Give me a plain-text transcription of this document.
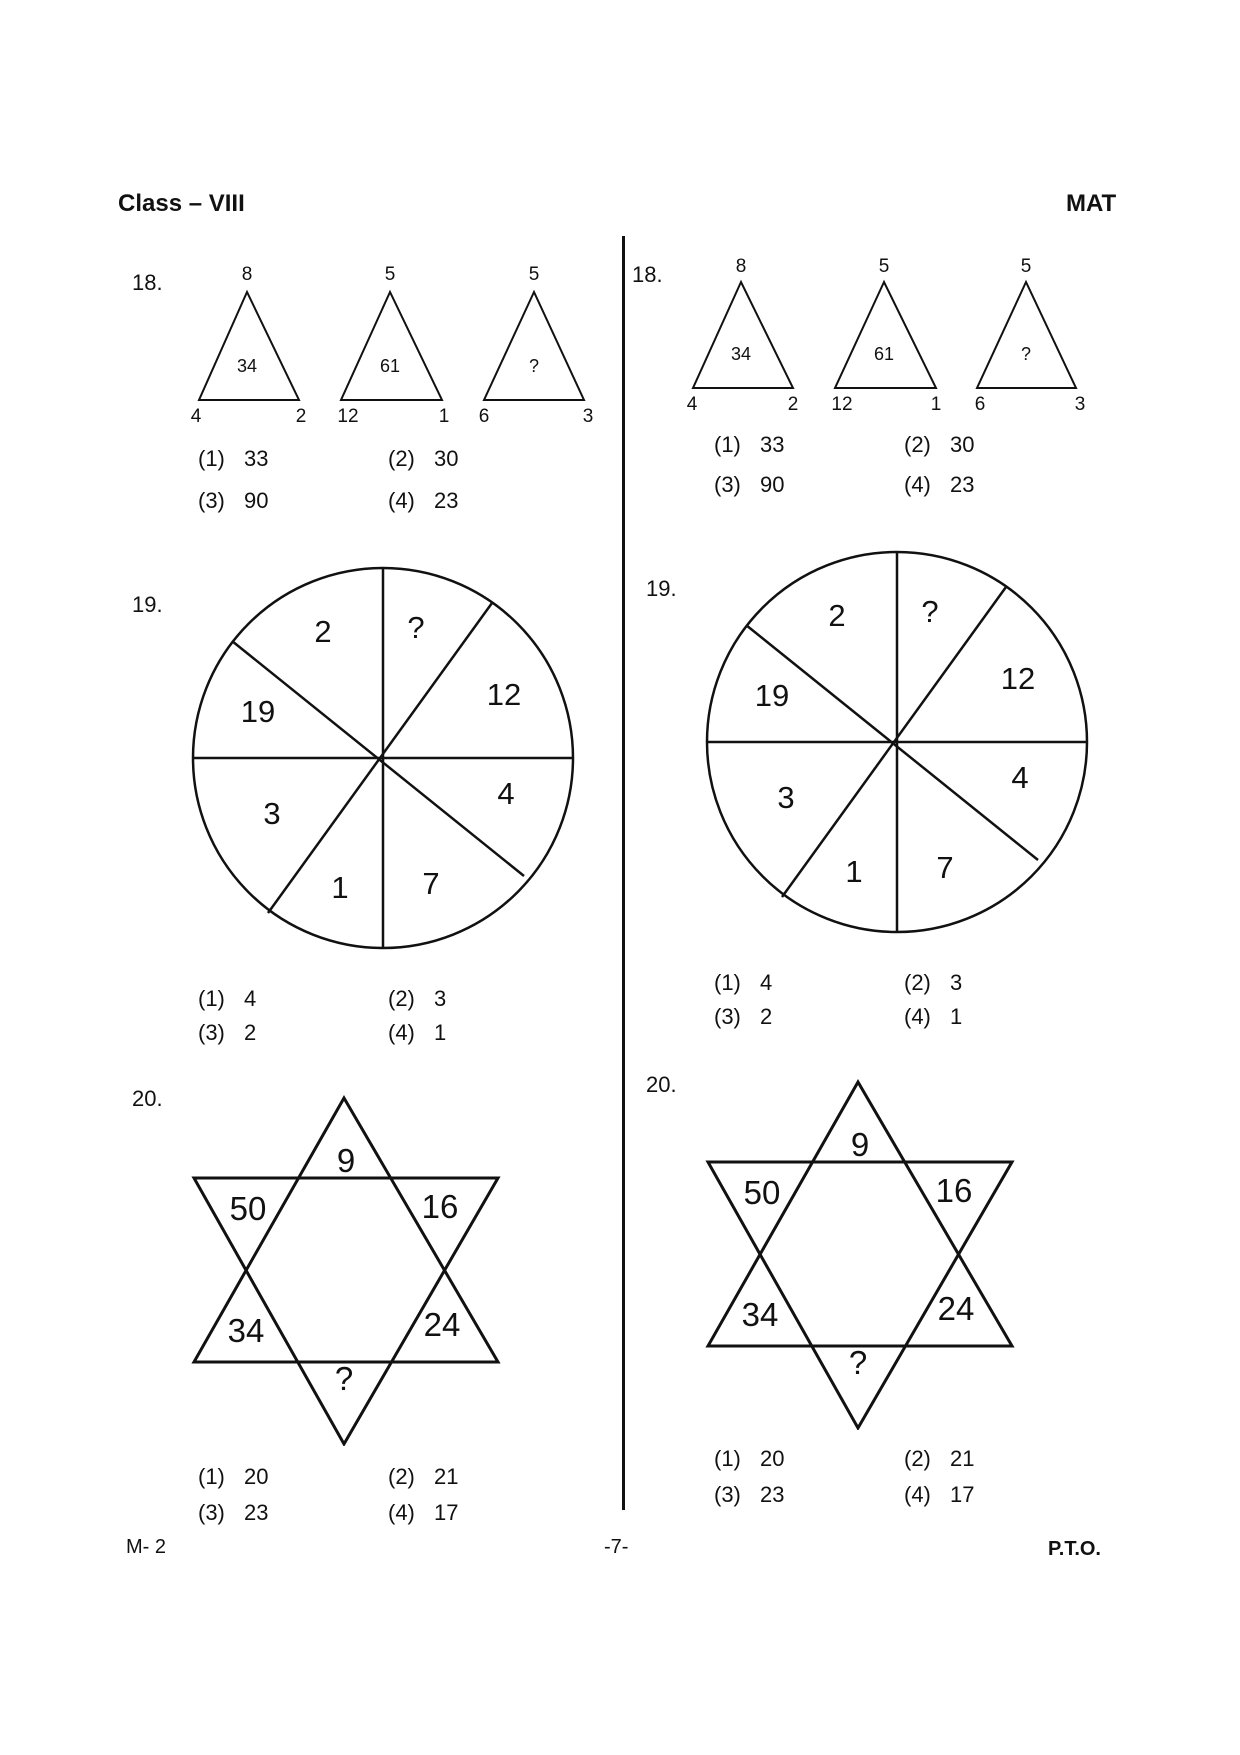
Class – VIII	MAT
18.	8
34
4	2
5
61
12	1
5
?
6	3
(1) 33	(2) 30
(3) 90	(4) 23
19.
?
12
4
7
1
3
19
2
(1) 4	(2) 3
(3) 2	(4) 1
20.
9
50	16
34	24
?
(1) 20	(2) 21
(3) 23	(4) 17
18.	8
34
4	2
5
61
12	1
5
?
6	3
(1) 33	(2) 30
(3) 90	(4) 23
19.
?
12
4
7
1
3
19
2
(1) 4	(2) 3
(3) 2	(4) 1
20.
9
50	16
34	24
?
(1) 20	(2) 21
(3) 23	(4) 17
M- 2	-7-	P.T.O.
